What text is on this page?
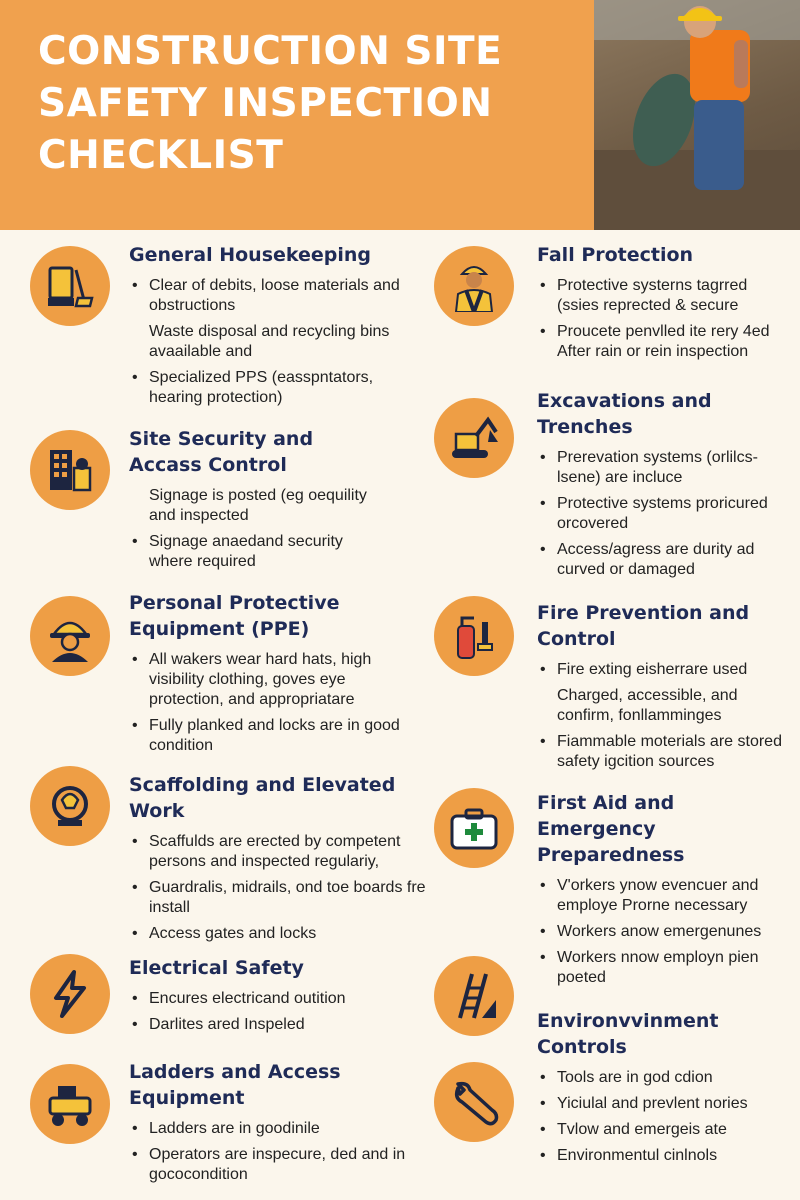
CONSTRUCTION SITE
SAFETY INSPECTION
CHECKLIST
General Housekeeping
• Clear of debits, loose materials and obstructions
Waste disposal and recycling bins avaailable and
• Specialized PPS (easspntators, hearing protection)
Site Security and Accass Control
Signage is posted (eg oequility and inspected
• Signage anaedand security where required
Personal Protective Equipment (PPE)
• All wakers wear hard hats, high visibility clothing, goves eye protection, and appropriatare
• Fully planked and locks are in good condition
Scaffolding and Elevated Work
• Scaffulds are erected by competent persons and inspected regulariy,
• Guardralis, midrails, ond toe boards fre install
• Access gates and locks
Electrical Safety
• Encures electricand outition
• Darlites ared Inspeled
Ladders and Access Equipment
• Ladders are in goodinile
• Operators are inspecure, ded and in gococondition
Fall Protection
• Protective systerns tagrred (ssies reprected & secure
• Proucete penvlled ite rery 4ed After rain or rein inspection
Excavations and Trenches
• Prerevation systems (orlilcs- lsene) are incluce
• Protective systems proricured orcovered
• Access/agress are durity ad curved or damaged
Fire Prevention and Control
• Fire exting eisherrare used
Charged, accessible, and confirm, fonllamminges
• Fiammable moterials are stored safety igcition sources
First Aid and Emergency Preparedness
• V'orkers ynow evencuer and employe Prorne necessary
• Workers anow emergenunes
• Workers nnow employn pien poeted
Environvvinment Controls
• Tools are in god cdion
• Yiciulal and prevlent nories
• Tvlow and emergeis ate
• Environmentul cinlnols
